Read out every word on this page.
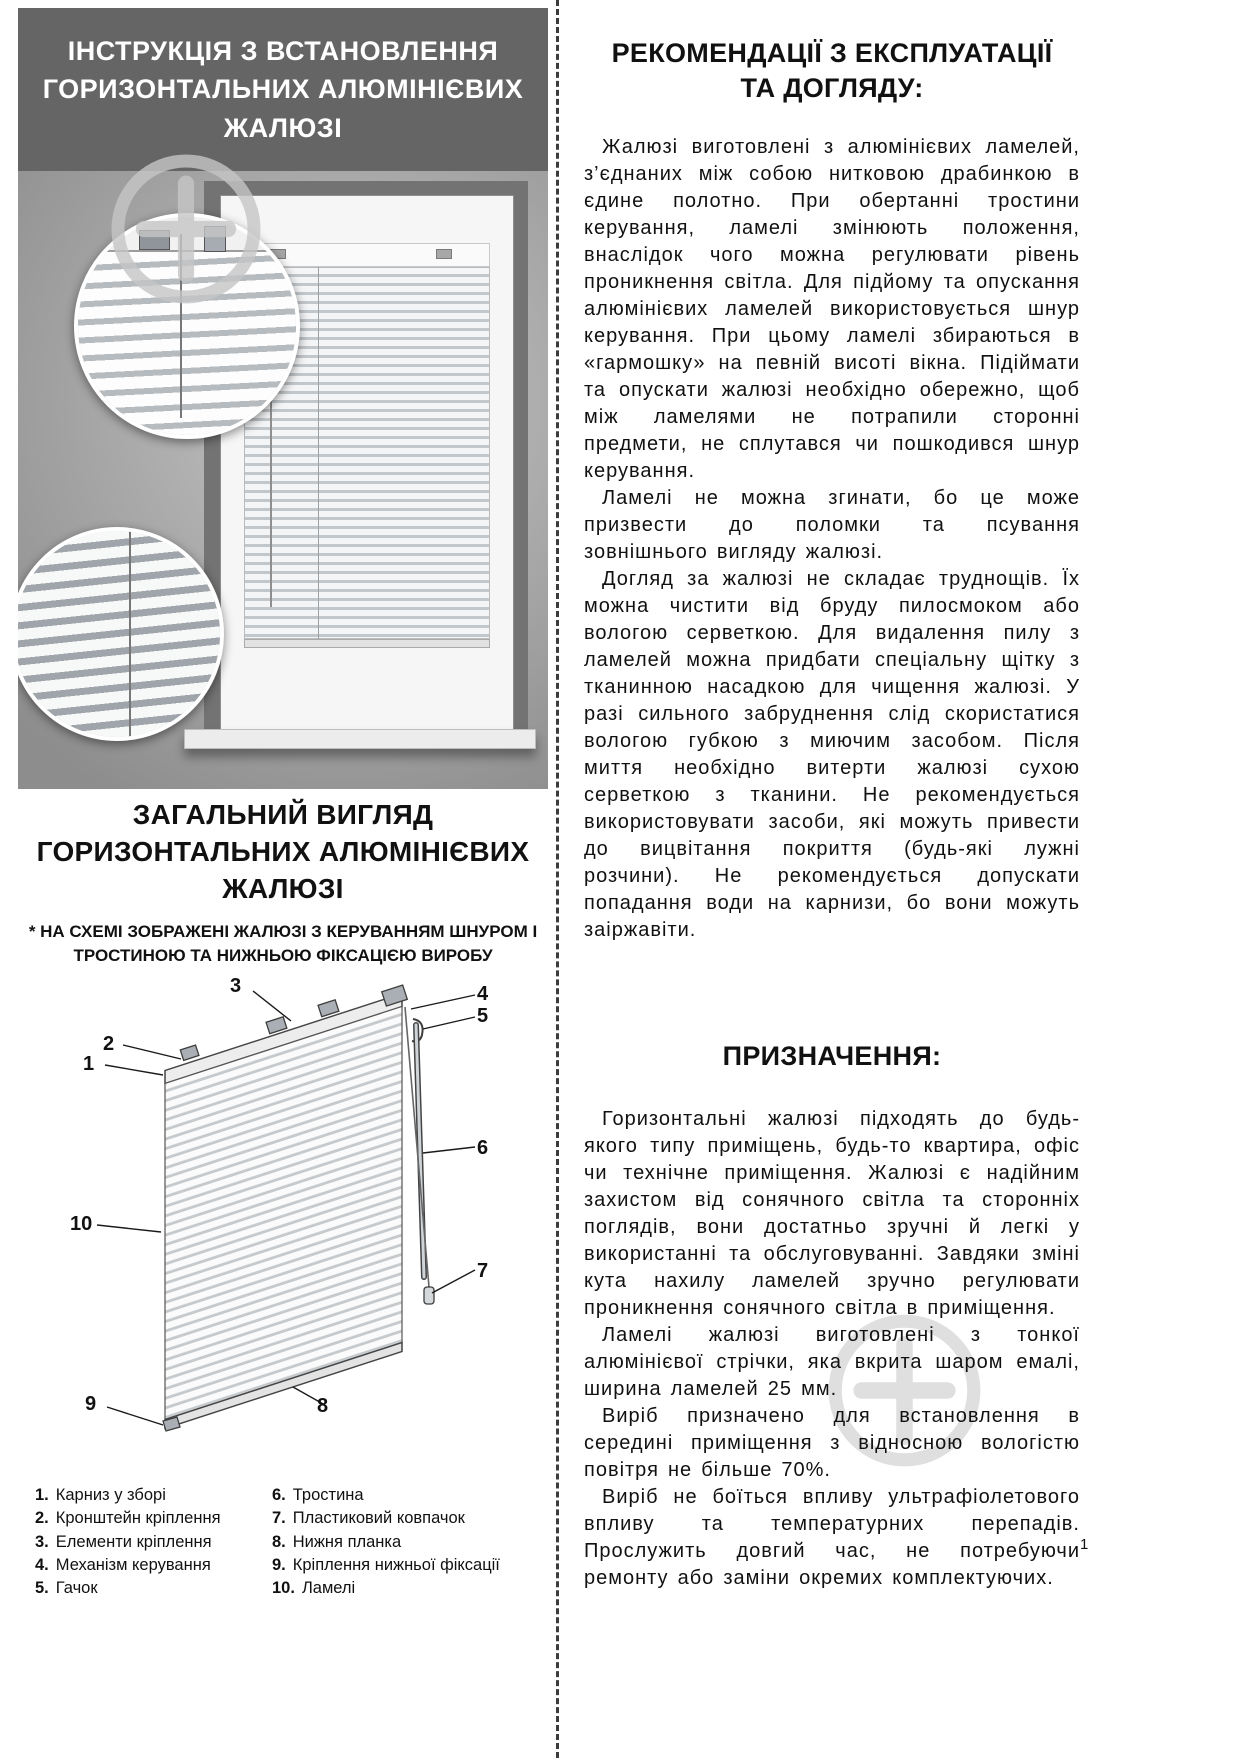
ІНСТРУКЦІЯ З ВСТАНОВЛЕННЯ
ГОРИЗОНТАЛЬНИХ АЛЮМІНІЄВИХ
ЖАЛЮЗІ
ЗАГАЛЬНИЙ ВИГЛЯД
ГОРИЗОНТАЛЬНИХ АЛЮМІНІЄВИХ
ЖАЛЮЗІ
* НА СХЕМІ ЗОБРАЖЕНІ ЖАЛЮЗІ З КЕРУВАННЯМ ШНУРОМ І
ТРОСТИНОЮ ТА НИЖНЬОЮ ФІКСАЦІЄЮ ВИРОБУ
3	4
5
2
1
6
10
7
9	8
1. Карниз у зборі
2. Кронштейн кріплення
3. Елементи кріплення
4. Механізм керування
5. Гачок
6. Тростина
7. Пластиковий ковпачок
8. Нижня планка
9. Кріплення нижньої фіксації
10. Ламелі
РЕКОМЕНДАЦІЇ З ЕКСПЛУАТАЦІЇ
ТА ДОГЛЯДУ:

Жалюзі виготовлені з алюмінієвих ламелей, з’єднаних між собою нитковою драбинкою в єдине полотно. При обертанні тростини керування, ламелі змінюють положення, внаслідок чого можна регулювати рівень проникнення світла. Для підйому та опускання алюмінієвих ламелей використовується шнур керування. При цьому ламелі збираються в «гармошку» на певній висоті вікна. Підіймати та опускати жалюзі необхідно обережно, щоб між ламелями не потрапили сторонні предмети, не сплутався чи пошкодився шнур керування.

Ламелі не можна згинати, бо це може призвести до поломки та псування зовнішнього вигляду жалюзі.

Догляд за жалюзі не складає труднощів. Їх можна чистити від бруду пилосмоком або вологою серветкою. Для видалення пилу з ламелей можна придбати спеціальну щітку з тканинною насадкою для чищення жалюзі. У разі сильного забруднення слід скористатися вологою губкою з миючим засобом. Після миття необхідно витерти жалюзі сухою серветкою з тканини. Не рекомендується використовувати засоби, які можуть привести до вицвітання покриття (будь-які лужні розчини). Не рекомендується допускати попадання води на карнизи, бо вони можуть заіржавіти.

ПРИЗНАЧЕННЯ:

Горизонтальні жалюзі підходять до будь-якого типу приміщень, будь-то квартира, офіс чи технічне приміщення. Жалюзі є надійним захистом від сонячного світла та сторонніх поглядів, вони достатньо зручні й легкі у використанні та обслуговуванні. Завдяки зміні кута нахилу ламелей зручно регулювати проникнення сонячного світла в приміщення.

Ламелі жалюзі виготовлені з тонкої алюмінієвої стрічки, яка вкрита шаром емалі, ширина ламелей 25 мм.

Виріб призначено для встановлення в середині приміщення з відносною вологістю повітря не більше 70%.

Виріб не боїться впливу ультрафіолетового впливу та температурних перепадів. Прослужить довгий час, не потребуючи ремонту або заміни окремих комплектуючих.

1
